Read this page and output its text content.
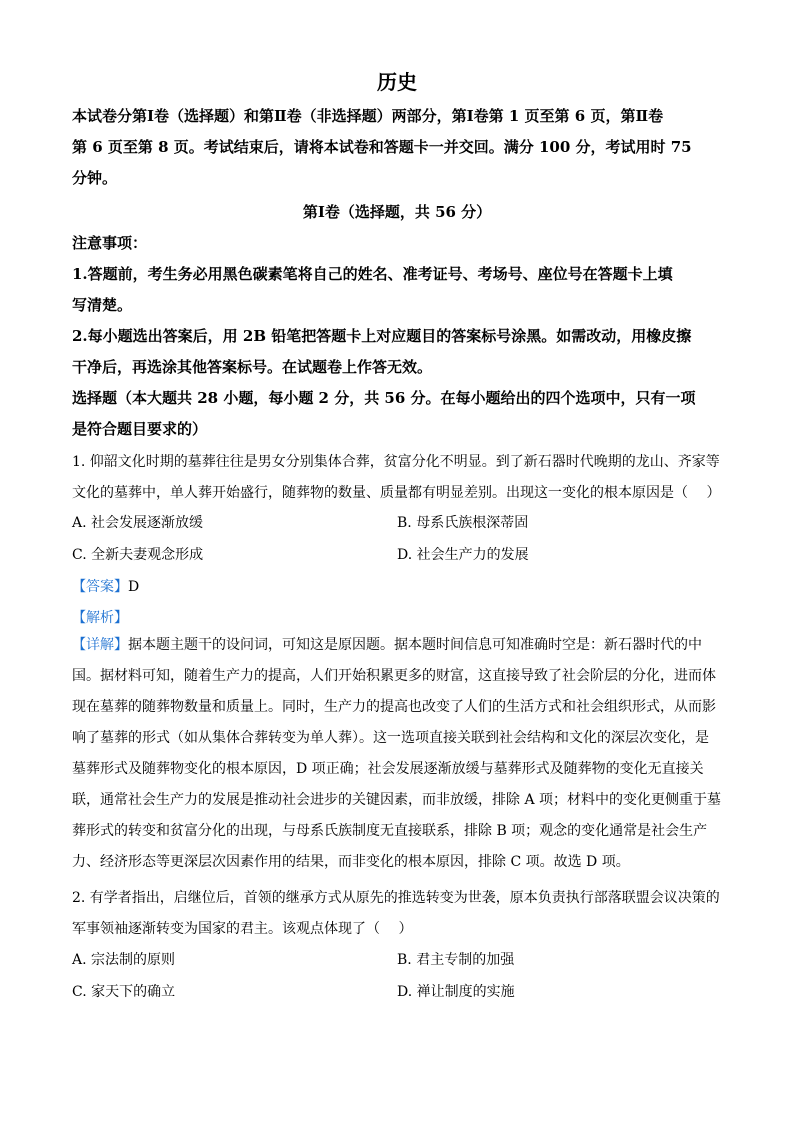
历史
本试卷分第Ⅰ卷（选择题）和第Ⅱ卷（非选择题）两部分，第Ⅰ卷第 1 页至第 6 页，第Ⅱ卷
第 6 页至第 8 页。考试结束后，请将本试卷和答题卡一并交回。满分 100 分，考试用时 75
分钟。
第Ⅰ卷（选择题，共 56 分）
注意事项：
1.答题前，考生务必用黑色碳素笔将自己的姓名、准考证号、考场号、座位号在答题卡上填
写清楚。
2.每小题选出答案后，用 2B 铅笔把答题卡上对应题目的答案标号涂黑。如需改动，用橡皮擦
干净后，再选涂其他答案标号。在试题卷上作答无效。
选择题（本大题共 28 小题，每小题 2 分，共 56 分。在每小题给出的四个选项中，只有一项
是符合题目要求的）
1. 仰韶文化时期的墓葬往往是男女分别集体合葬，贫富分化不明显。到了新石器时代晚期的龙山、齐家等
文化的墓葬中，单人葬开始盛行，随葬物的数量、质量都有明显差别。出现这一变化的根本原因是（　 ）
A. 社会发展逐渐放缓	B. 母系氏族根深蒂固
C. 全新夫妻观念形成	D. 社会生产力的发展
【答案】D
【解析】
【详解】据本题主题干的设问词，可知这是原因题。据本题时间信息可知准确时空是：新石器时代的中
国。据材料可知，随着生产力的提高，人们开始积累更多的财富，这直接导致了社会阶层的分化，进而体
现在墓葬的随葬物数量和质量上。同时，生产力的提高也改变了人们的生活方式和社会组织形式，从而影
响了墓葬的形式（如从集体合葬转变为单人葬）。这一选项直接关联到社会结构和文化的深层次变化，是
墓葬形式及随葬物变化的根本原因，D 项正确；社会发展逐渐放缓与墓葬形式及随葬物的变化无直接关
联，通常社会生产力的发展是推动社会进步的关键因素，而非放缓，排除 A 项；材料中的变化更侧重于墓
葬形式的转变和贫富分化的出现，与母系氏族制度无直接联系，排除 B 项；观念的变化通常是社会生产
力、经济形态等更深层次因素作用的结果，而非变化的根本原因，排除 C 项。故选 D 项。
2. 有学者指出，启继位后，首领的继承方式从原先的推选转变为世袭，原本负责执行部落联盟会议决策的
军事领袖逐渐转变为国家的君主。该观点体现了（　 ）
A. 宗法制的原则	B. 君主专制的加强
C. 家天下的确立	D. 禅让制度的实施
